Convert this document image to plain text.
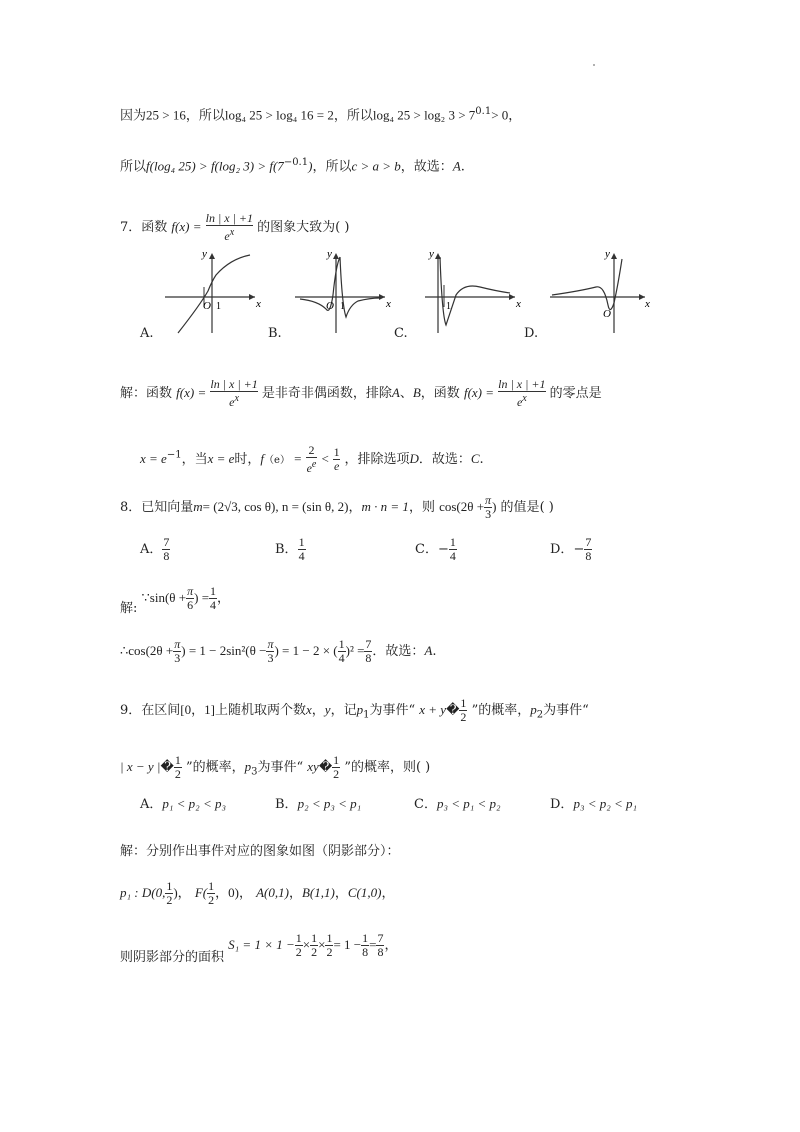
因为25 > 16，所以log₄ 25 > log₄ 16 = 2，所以log₄ 25 > log₂ $3 > 7^{0.1}> 0$，
所以f(log₄ 25) > f(log₂ $3) > f(7^{-0.1})$，所以c > a > b，故选：A.
7．函数 $f(x) = \frac{\ln | x | +1}{e^x}$ 的图象大致为( )
y
x
O 1
y
x
O 1
y
x
1
y
x
O
A.	B.	C.	D.
解：函数 $f(x) = \frac{\ln | x | +1}{e^x}$ 是非奇非偶函数，排除A、B，函数 $f(x) = \frac{\ln | x | +1}{e^x}$ 的零点是
$x = e^{-1}$，当x = e时，$f(e) = \frac{2}{e^e} < \frac{1}{e}$ ，排除选项D．故选：C.
8．已知向量m= (2√3, cos θ), n = (sin θ, 2)，m · n = 1，则 $\cos(2\theta + \frac{\pi}{3}$ ) 的值是( )
A． $\frac{7}{8}$	B． $\frac{1}{4}$	C．− $\frac{1}{4}$	D．− $\frac{7}{8}$
解: ∵sin(θ + $\frac{\pi}{6}$ ) = $\frac{1}{4}$ ，
∴cos(2θ + $\frac{\pi}{3}$ ) = $1 - 2\sin^2(\theta - \frac{\pi}{3}$ ) = 1 − 2 × ( $\frac{1}{4} )^2 = \frac{7}{8}$ ．故选：A.
9．在区间[0，1]上随机取两个数x，y，记$p_1$为事件“ x + y� $\frac{1}{2}$ ”的概率，$p_2$为事件“
| x − y |� $\frac{1}{2}$ ”的概率，$p_3$为事件“ xy� $\frac{1}{2}$ ”的概率，则( )
A．p₁ < p₂ < p₃	B．p₂ < p₃ < p₁	C．p₃ < p₁ < p₂	D．p₃ < p₂ < p₁
解：分别作出事件对应的图象如图（阴影部分）：
p₁ : D(0, $\frac{1}{2}$ )， $F( \frac{1}{2}$ ，0)， A(0,1)，B(1,1)，C(1,0)，
则阴影部分的面积 $S_1 = 1 \times 1 - \frac{1}{2} \times \frac{1}{2} \times \frac{1}{2} = 1 - \frac{1}{8} = \frac{7}{8}$ ，
